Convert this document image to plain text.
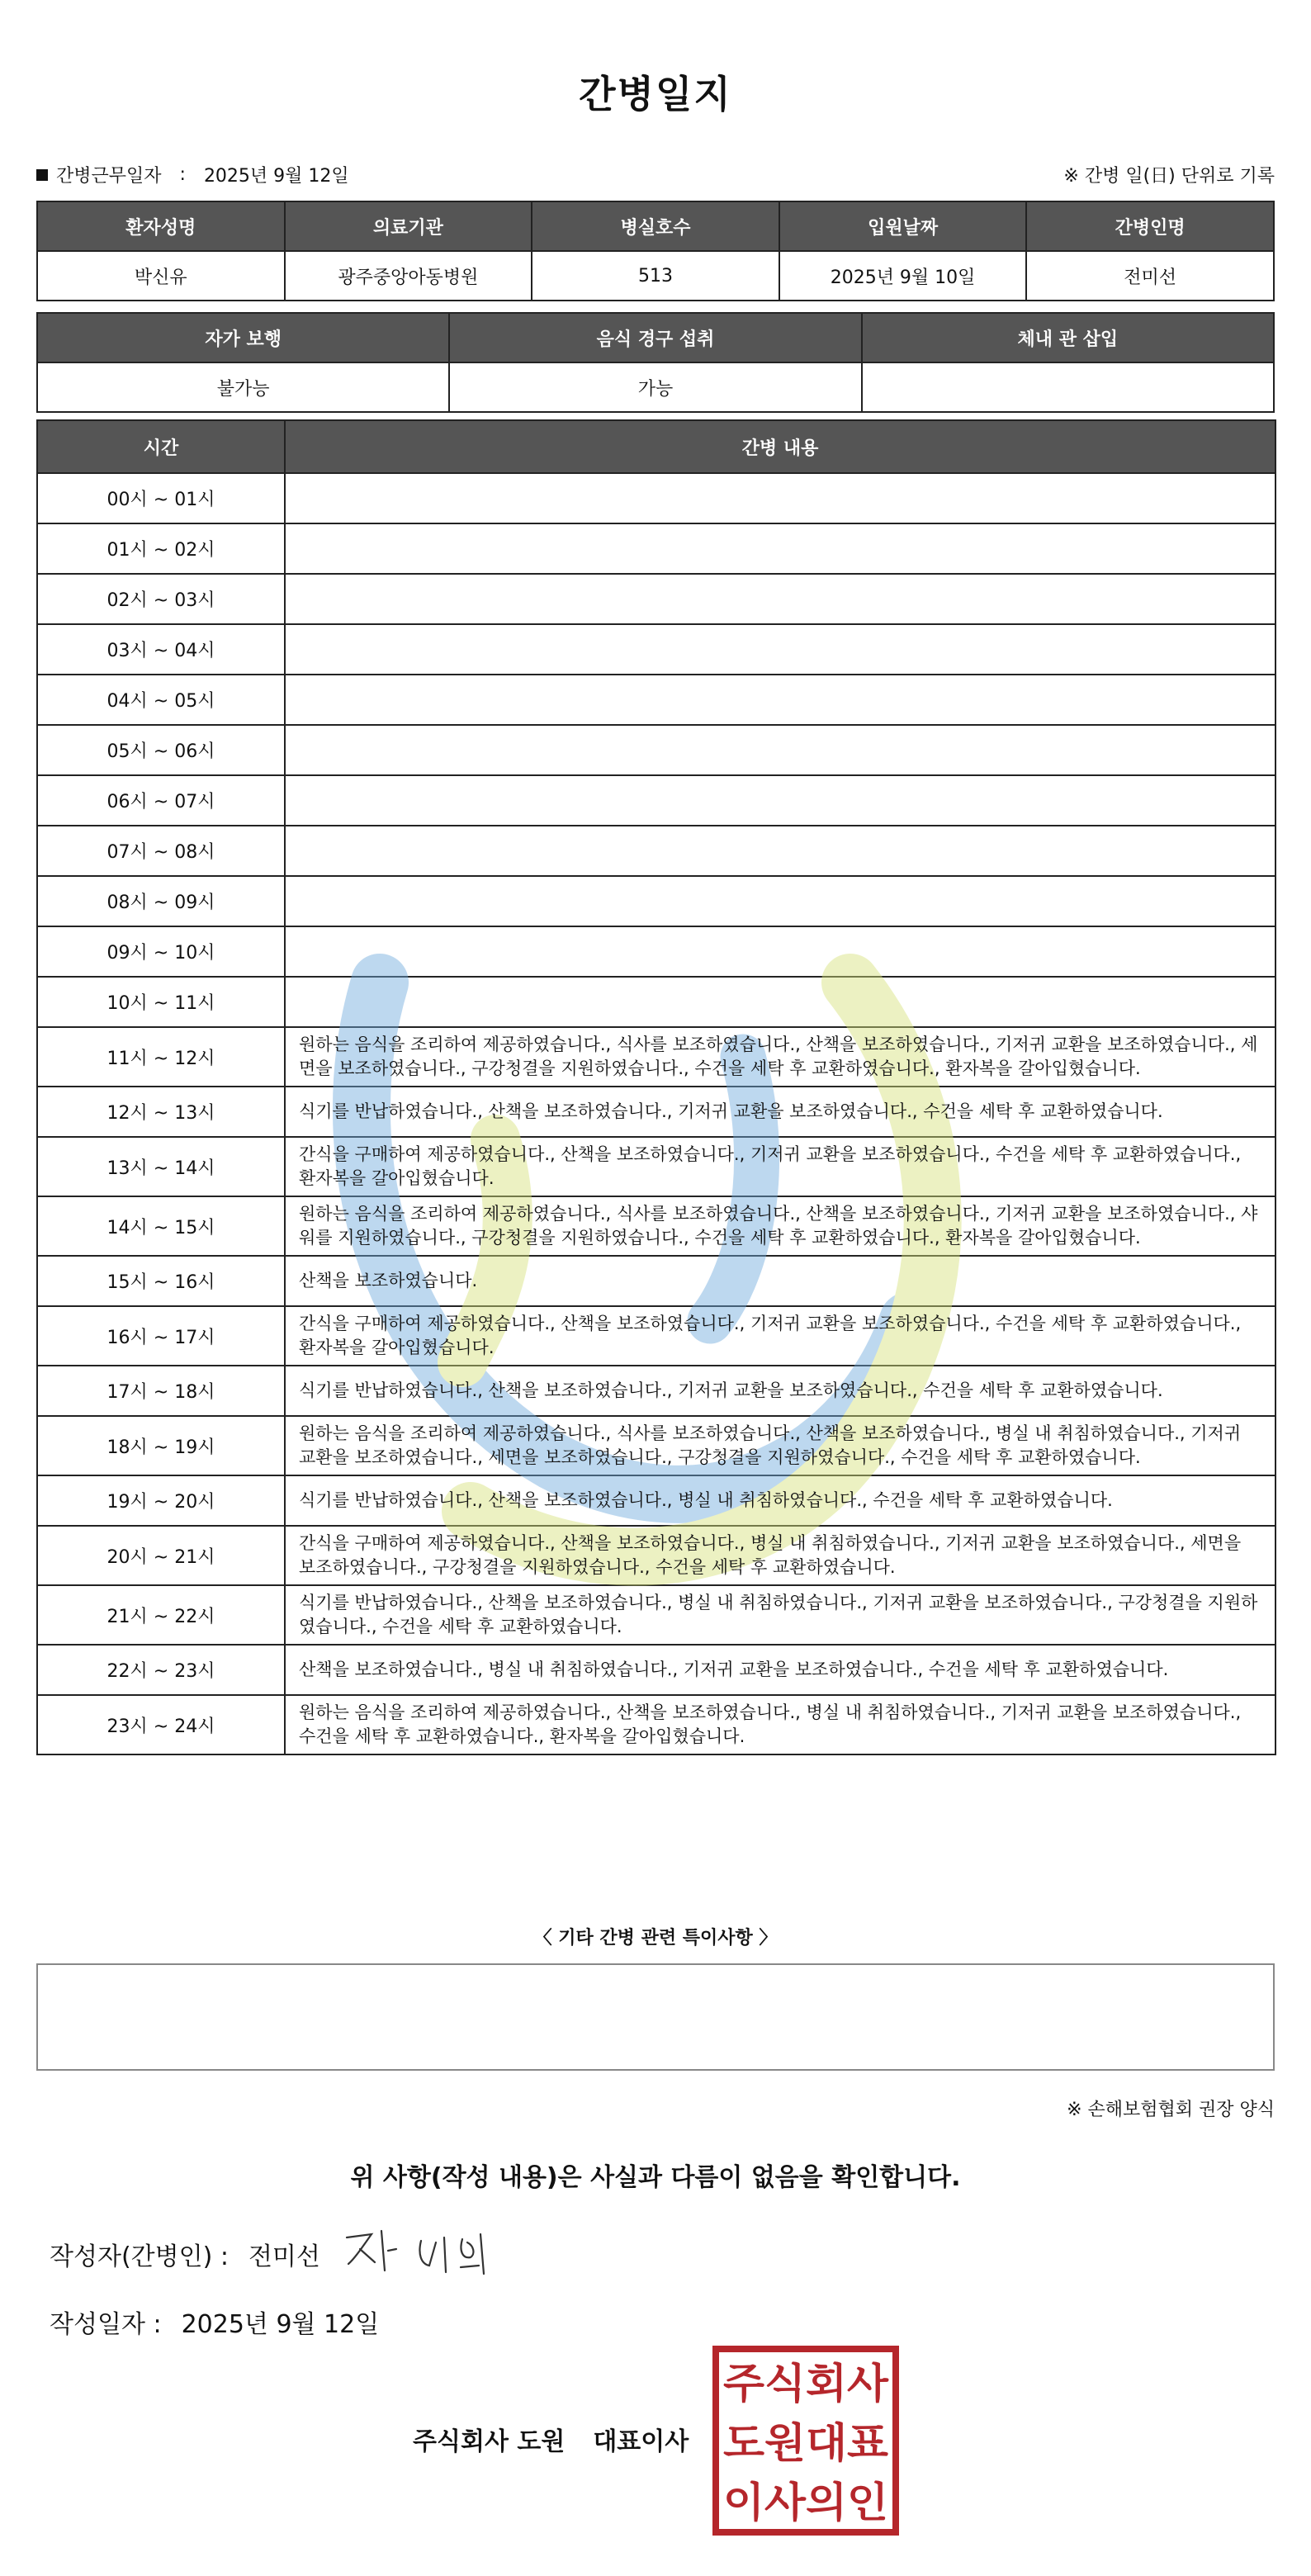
간병일지
간병근무일자 : 2025년 9월 12일	※ 간병 일(日) 단위로 기록
환자성명	의료기관	병실호수	입원날짜	간병인명
박신유	광주중앙아동병원	513	2025년 9월 10일	전미선
자가 보행	음식 경구 섭취	체내 관 삽입
불가능	가능	
시간	간병 내용
00시 ~ 01시	
01시 ~ 02시	
02시 ~ 03시	
03시 ~ 04시	
04시 ~ 05시	
05시 ~ 06시	
06시 ~ 07시	
07시 ~ 08시	
08시 ~ 09시	
09시 ~ 10시	
10시 ~ 11시	
11시 ~ 12시	원하는 음식을 조리하여 제공하였습니다., 식사를 보조하였습니다., 산책을 보조하였습니다., 기저귀 교환을 보조하였습니다., 세면을 보조하였습니다., 구강청결을 지원하였습니다., 수건을 세탁 후 교환하였습니다., 환자복을 갈아입혔습니다.
12시 ~ 13시	식기를 반납하였습니다., 산책을 보조하였습니다., 기저귀 교환을 보조하였습니다., 수건을 세탁 후 교환하였습니다.
13시 ~ 14시	간식을 구매하여 제공하였습니다., 산책을 보조하였습니다., 기저귀 교환을 보조하였습니다., 수건을 세탁 후 교환하였습니다., 환자복을 갈아입혔습니다.
14시 ~ 15시	원하는 음식을 조리하여 제공하였습니다., 식사를 보조하였습니다., 산책을 보조하였습니다., 기저귀 교환을 보조하였습니다., 샤워를 지원하였습니다., 구강청결을 지원하였습니다., 수건을 세탁 후 교환하였습니다., 환자복을 갈아입혔습니다.
15시 ~ 16시	산책을 보조하였습니다.
16시 ~ 17시	간식을 구매하여 제공하였습니다., 산책을 보조하였습니다., 기저귀 교환을 보조하였습니다., 수건을 세탁 후 교환하였습니다., 환자복을 갈아입혔습니다.
17시 ~ 18시	식기를 반납하였습니다., 산책을 보조하였습니다., 기저귀 교환을 보조하였습니다., 수건을 세탁 후 교환하였습니다.
18시 ~ 19시	원하는 음식을 조리하여 제공하였습니다., 식사를 보조하였습니다., 산책을 보조하였습니다., 병실 내 취침하였습니다., 기저귀 교환을 보조하였습니다., 세면을 보조하였습니다., 구강청결을 지원하였습니다., 수건을 세탁 후 교환하였습니다.
19시 ~ 20시	식기를 반납하였습니다., 산책을 보조하였습니다., 병실 내 취침하였습니다., 수건을 세탁 후 교환하였습니다.
20시 ~ 21시	간식을 구매하여 제공하였습니다., 산책을 보조하였습니다., 병실 내 취침하였습니다., 기저귀 교환을 보조하였습니다., 세면을 보조하였습니다., 구강청결을 지원하였습니다., 수건을 세탁 후 교환하였습니다.
21시 ~ 22시	식기를 반납하였습니다., 산책을 보조하였습니다., 병실 내 취침하였습니다., 기저귀 교환을 보조하였습니다., 구강청결을 지원하였습니다., 수건을 세탁 후 교환하였습니다.
22시 ~ 23시	산책을 보조하였습니다., 병실 내 취침하였습니다., 기저귀 교환을 보조하였습니다., 수건을 세탁 후 교환하였습니다.
23시 ~ 24시	원하는 음식을 조리하여 제공하였습니다., 산책을 보조하였습니다., 병실 내 취침하였습니다., 기저귀 교환을 보조하였습니다., 수건을 세탁 후 교환하였습니다., 환자복을 갈아입혔습니다.
〈 기타 간병 관련 특이사항 〉
※ 손해보험협회 권장 양식
위 사항(작성 내용)은 사실과 다름이 없음을 확인합니다.
작성자(간병인) : 전미선
작성일자 : 2025년 9월 12일
주식회사 도원 대표이사
주식회사
도원대표
이사의인
